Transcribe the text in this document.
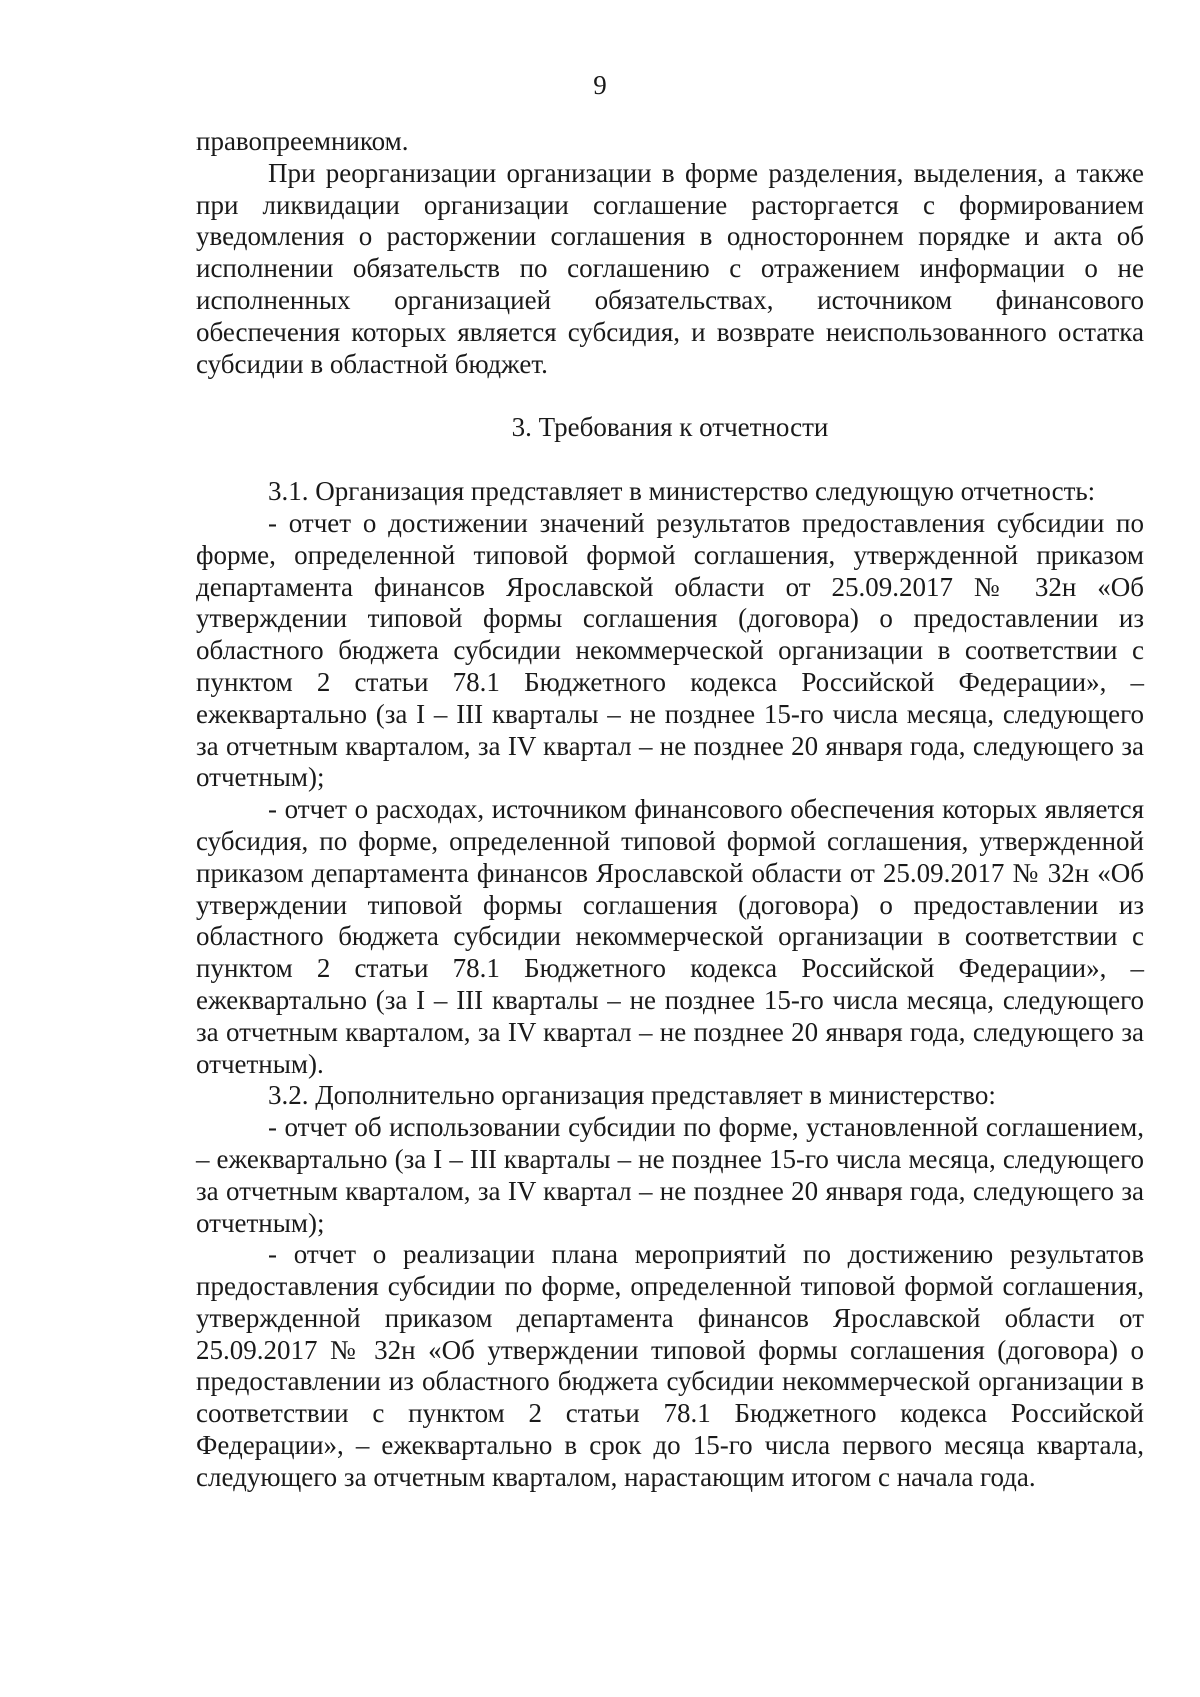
9

правопреемником.

При реорганизации организации в форме разделения, выделения, а также при ликвидации организации соглашение расторгается с формированием уведомления о расторжении соглашения в одностороннем порядке и акта об исполнении обязательств по соглашению с отражением информации о не исполненных организацией обязательствах, источником финансового обеспечения которых является субсидия, и возврате неиспользованного остатка субсидии в областной бюджет.

3. Требования к отчетности

3.1. Организация представляет в министерство следующую отчетность:

- отчет о достижении значений результатов предоставления субсидии по форме, определенной типовой формой соглашения, утвержденной приказом департамента финансов Ярославской области от 25.09.2017 № 32н «Об утверждении типовой формы соглашения (договора) о предоставлении из областного бюджета субсидии некоммерческой организации в соответствии с пунктом 2 статьи 78.1 Бюджетного кодекса Российской Федерации», – ежеквартально (за I – III кварталы – не позднее 15-го числа месяца, следующего за отчетным кварталом, за IV квартал – не позднее 20 января года, следующего за отчетным);

- отчет о расходах, источником финансового обеспечения которых является субсидия, по форме, определенной типовой формой соглашения, утвержденной приказом департамента финансов Ярославской области от 25.09.2017 № 32н «Об утверждении типовой формы соглашения (договора) о предоставлении из областного бюджета субсидии некоммерческой организации в соответствии с пунктом 2 статьи 78.1 Бюджетного кодекса Российской Федерации», – ежеквартально (за I – III кварталы – не позднее 15-го числа месяца, следующего за отчетным кварталом, за IV квартал – не позднее 20 января года, следующего за отчетным).

3.2. Дополнительно организация представляет в министерство:

- отчет об использовании субсидии по форме, установленной соглашением, – ежеквартально (за I – III кварталы – не позднее 15-го числа месяца, следующего за отчетным кварталом, за IV квартал – не позднее 20 января года, следующего за отчетным);

- отчет о реализации плана мероприятий по достижению результатов предоставления субсидии по форме, определенной типовой формой соглашения, утвержденной приказом департамента финансов Ярославской области от 25.09.2017 № 32н «Об утверждении типовой формы соглашения (договора) о предоставлении из областного бюджета субсидии некоммерческой организации в соответствии с пунктом 2 статьи 78.1 Бюджетного кодекса Российской Федерации», – ежеквартально в срок до 15-го числа первого месяца квартала, следующего за отчетным кварталом, нарастающим итогом с начала года.
